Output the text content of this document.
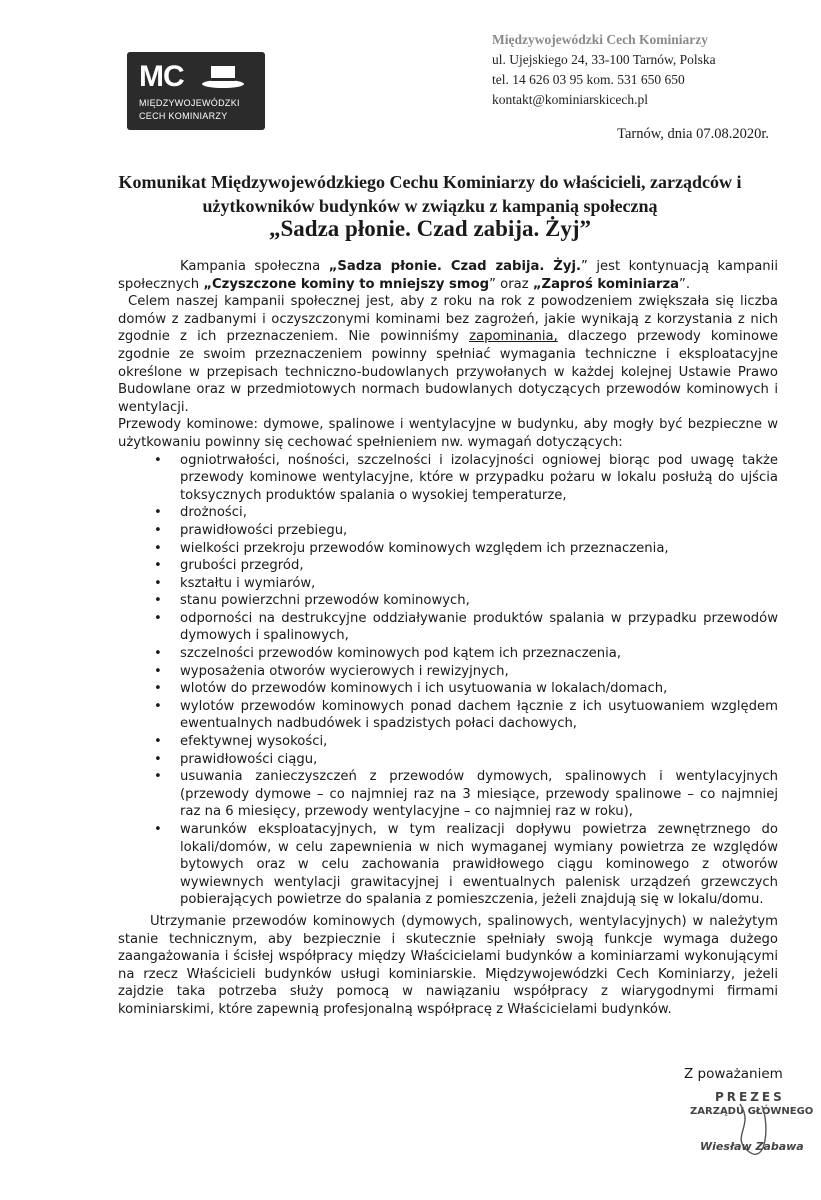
MC
MIĘDZYWOJEWÓDZKI
CECH KOMINIARZY
Międzywojewódzki Cech Kominiarzy
ul. Ujejskiego 24, 33-100 Tarnów, Polska
tel. 14 626 03 95 kom. 531 650 650
kontakt@kominiarskicech.pl
Tarnów, dnia 07.08.2020r.
Komunikat Międzywojewódzkiego Cechu Kominiarzy do właścicieli, zarządców i użytkowników budynków w związku z kampanią społeczną
„Sadza płonie. Czad zabija. Żyj”

Kampania społeczna „Sadza płonie. Czad zabija. Żyj.” jest kontynuacją kampanii społecznych „Czyszczone kominy to mniejszy smog” oraz „Zaproś kominiarza”.

Celem naszej kampanii społecznej jest, aby z roku na rok z powodzeniem zwiększała się liczba domów z zadbanymi i oczyszczonymi kominami bez zagrożeń, jakie wynikają z korzystania z nich zgodnie z ich przeznaczeniem. Nie powinniśmy zapominania, dlaczego przewody kominowe zgodnie ze swoim przeznaczeniem powinny spełniać wymagania techniczne i eksploatacyjne określone w przepisach techniczno-budowlanych przywołanych w każdej kolejnej Ustawie Prawo Budowlane oraz w przedmiotowych normach budowlanych dotyczących przewodów kominowych i wentylacji.

Przewody kominowe: dymowe, spalinowe i wentylacyjne w budynku, aby mogły być bezpieczne w użytkowaniu powinny się cechować spełnieniem nw. wymagań dotyczących:

• ogniotrwałości, nośności, szczelności i izolacyjności ogniowej biorąc pod uwagę także przewody kominowe wentylacyjne, które w przypadku pożaru w lokalu posłużą do ujścia toksycznych produktów spalania o wysokiej temperaturze,
• drożności,
• prawidłowości przebiegu,
• wielkości przekroju przewodów kominowych względem ich przeznaczenia,
• grubości przegród,
• kształtu i wymiarów,
• stanu powierzchni przewodów kominowych,
• odporności na destrukcyjne oddziaływanie produktów spalania w przypadku przewodów dymowych i spalinowych,
• szczelności przewodów kominowych pod kątem ich przeznaczenia,
• wyposażenia otworów wycierowych i rewizyjnych,
• wlotów do przewodów kominowych i ich usytuowania w lokalach/domach,
• wylotów przewodów kominowych ponad dachem łącznie z ich usytuowaniem względem ewentualnych nadbudówek i spadzistych połaci dachowych,
• efektywnej wysokości,
• prawidłowości ciągu,
• usuwania zanieczyszczeń z przewodów dymowych, spalinowych i wentylacyjnych (przewody dymowe – co najmniej raz na 3 miesiące, przewody spalinowe – co najmniej raz na 6 miesięcy, przewody wentylacyjne – co najmniej raz w roku),
• warunków eksploatacyjnych, w tym realizacji dopływu powietrza zewnętrznego do lokali/domów, w celu zapewnienia w nich wymaganej wymiany powietrza ze względów bytowych oraz w celu zachowania prawidłowego ciągu kominowego z otworów wywiewnych wentylacji grawitacyjnej i ewentualnych palenisk urządzeń grzewczych pobierających powietrze do spalania z pomieszczenia, jeżeli znajdują się w lokalu/domu.

Utrzymanie przewodów kominowych (dymowych, spalinowych, wentylacyjnych) w należytym stanie technicznym, aby bezpiecznie i skutecznie spełniały swoją funkcje wymaga dużego zaangażowania i ścisłej współpracy między Właścicielami budynków a kominiarzami wykonującymi na rzecz Właścicieli budynków usługi kominiarskie. Międzywojewódzki Cech Kominiarzy, jeżeli zajdzie taka potrzeba służy pomocą w nawiązaniu współpracy z wiarygodnymi firmami kominiarskimi, które zapewnią profesjonalną współpracę z Właścicielami budynków.

Z poważaniem
PREZES
ZARZĄDU GŁÓWNEGO
Wiesław Zabawa
